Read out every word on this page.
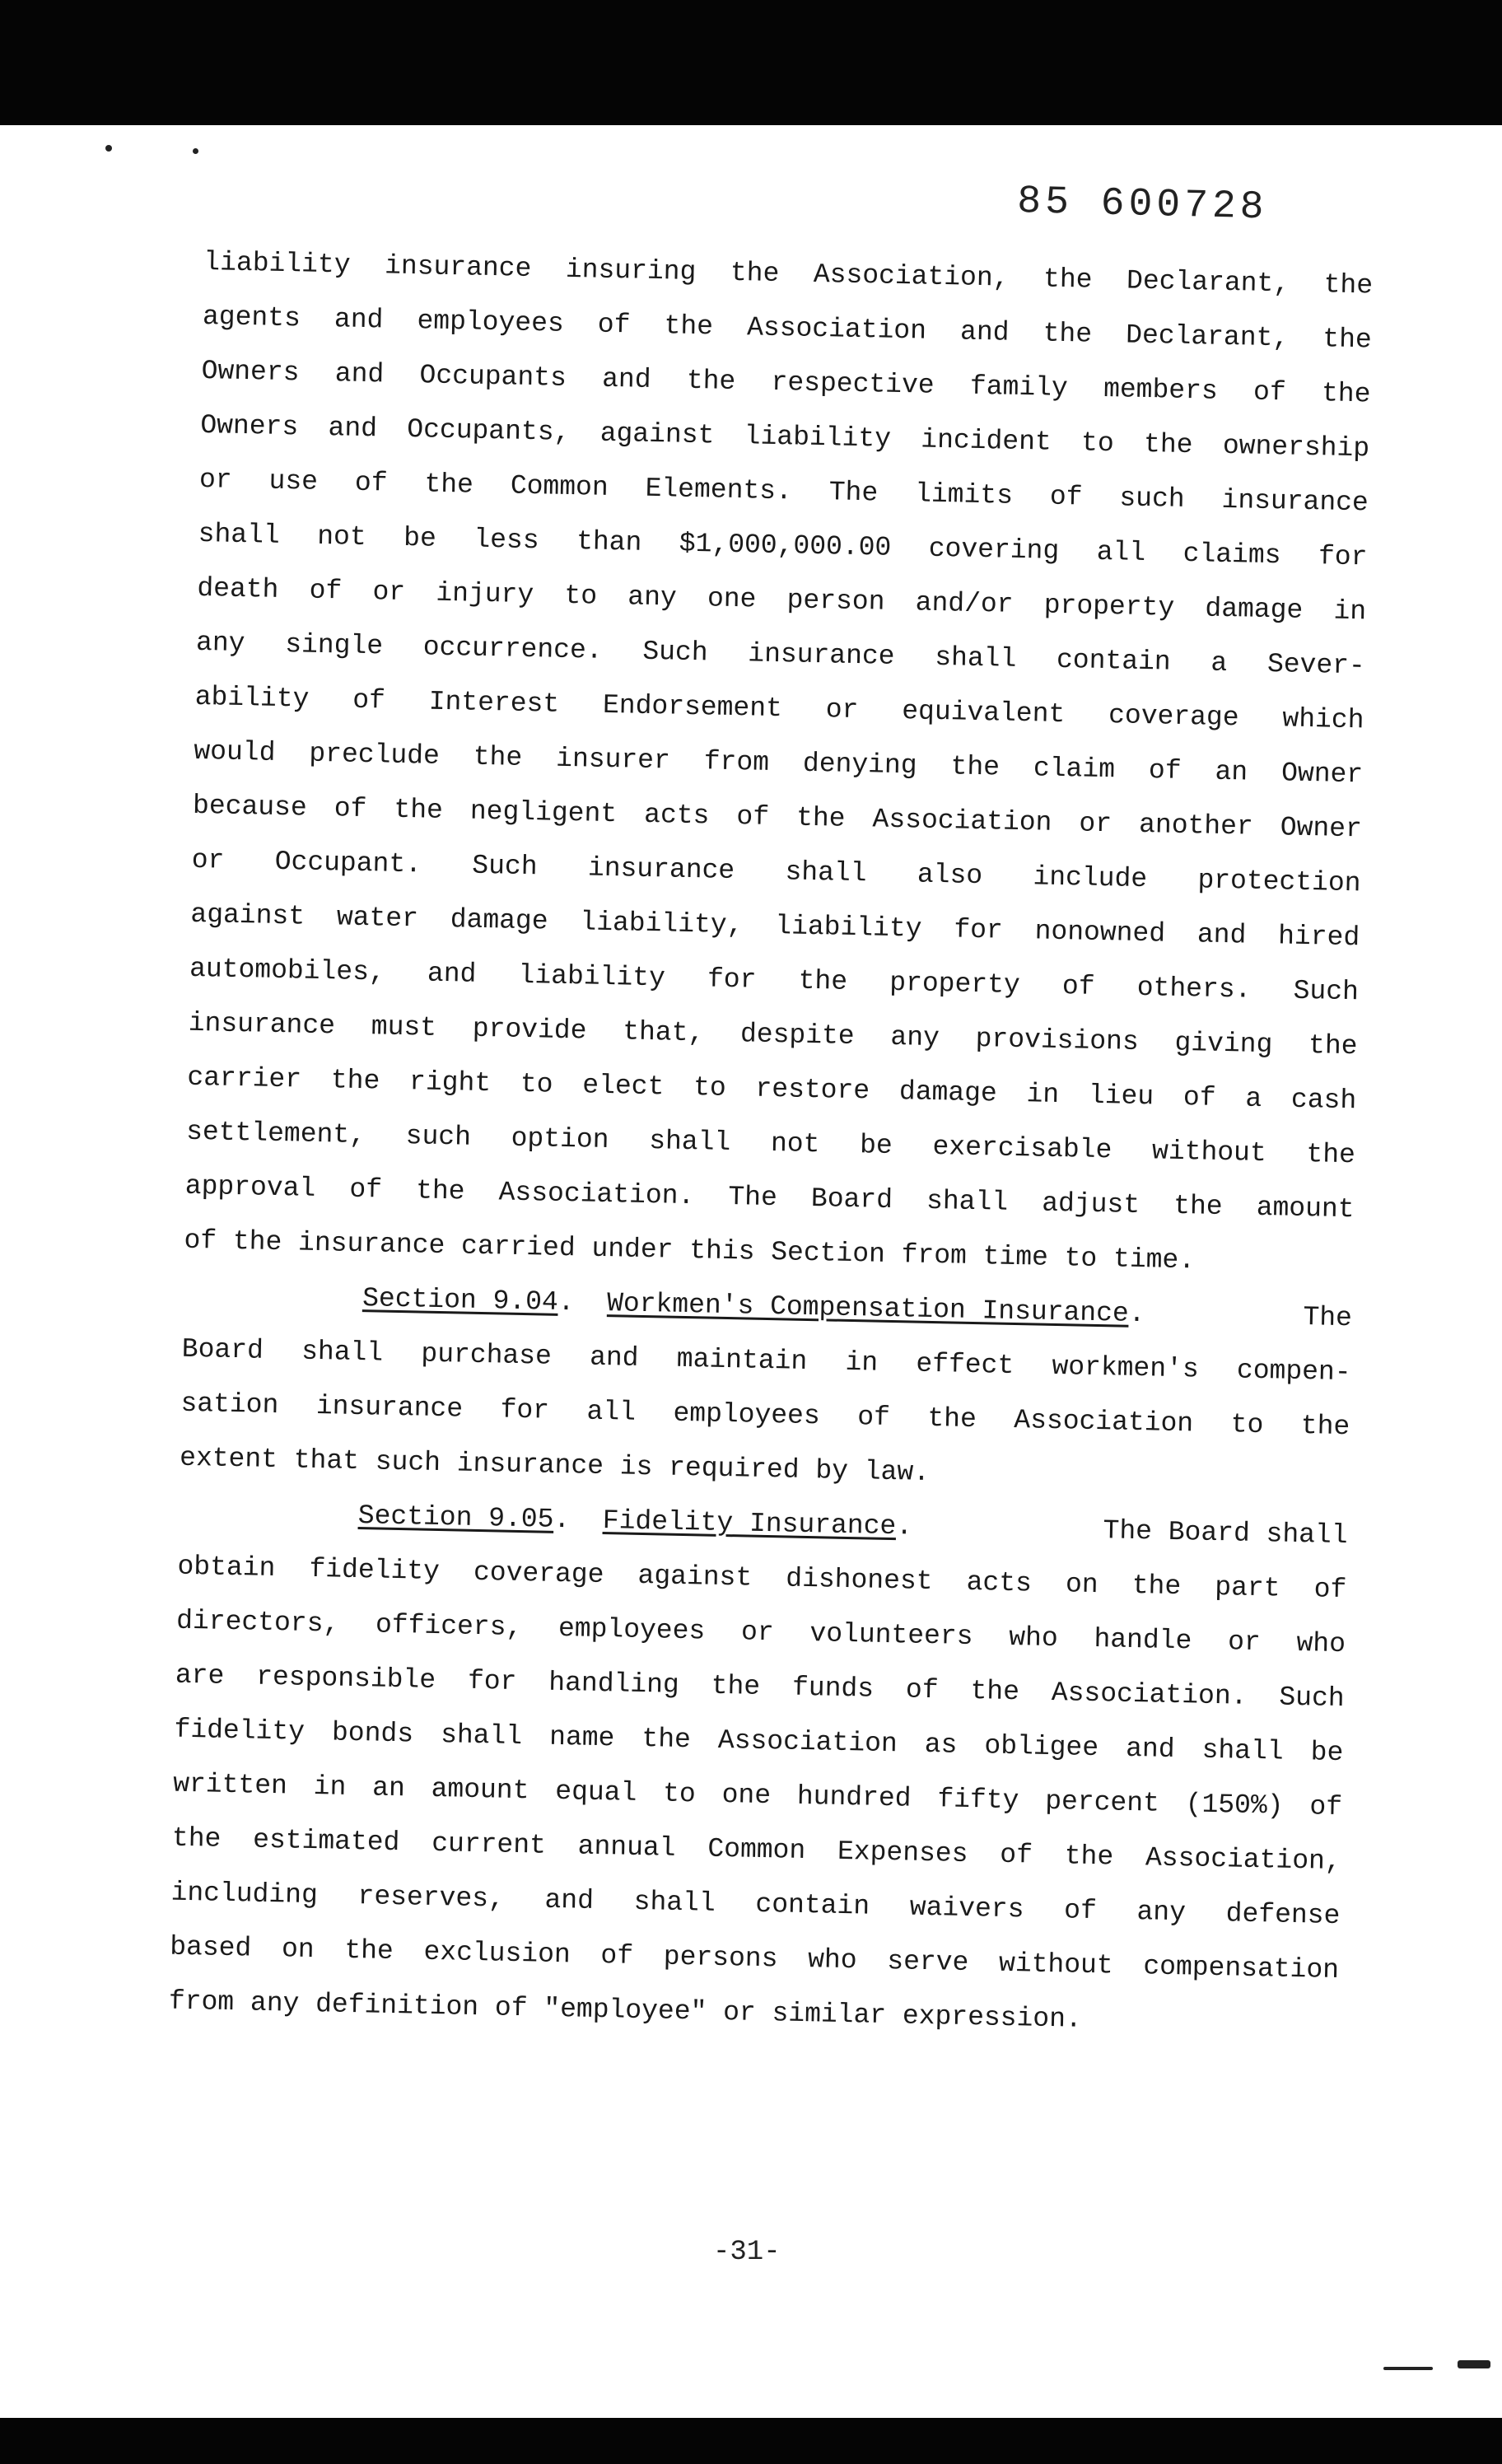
85 600728
liability insurance insuring the Association, the Declarant, the
agents and employees of the Association and the Declarant, the
Owners and Occupants and the respective family members of the
Owners and Occupants, against liability incident to the ownership
or use of the Common Elements. The limits of such insurance
shall not be less than $1,000,000.00 covering all claims for
death of or injury to any one person and/or property damage in
any single occurrence. Such insurance shall contain a Sever-
ability of Interest Endorsement or equivalent coverage which
would preclude the insurer from denying the claim of an Owner
because of the negligent acts of the Association or another Owner
or Occupant. Such insurance shall also include protection
against water damage liability, liability for nonowned and hired
automobiles, and liability for the property of others. Such
insurance must provide that, despite any provisions giving the
carrier the right to elect to restore damage in lieu of a cash
settlement, such option shall not be exercisable without the
approval of the Association. The Board shall adjust the amount
of the insurance carried under this Section from time to time.
Section 9.04.  Workmen's Compensation Insurance.	The
Board shall purchase and maintain in effect workmen's compen-
sation insurance for all employees of the Association to the
extent that such insurance is required by law.
Section 9.05.  Fidelity Insurance.	The Board shall
obtain fidelity coverage against dishonest acts on the part of
directors, officers, employees or volunteers who handle or who
are responsible for handling the funds of the Association. Such
fidelity bonds shall name the Association as obligee and shall be
written in an amount equal to one hundred fifty percent (150%) of
the estimated current annual Common Expenses of the Association,
including reserves, and shall contain waivers of any defense
based on the exclusion of persons who serve without compensation
from any definition of "employee" or similar expression.
-31-
